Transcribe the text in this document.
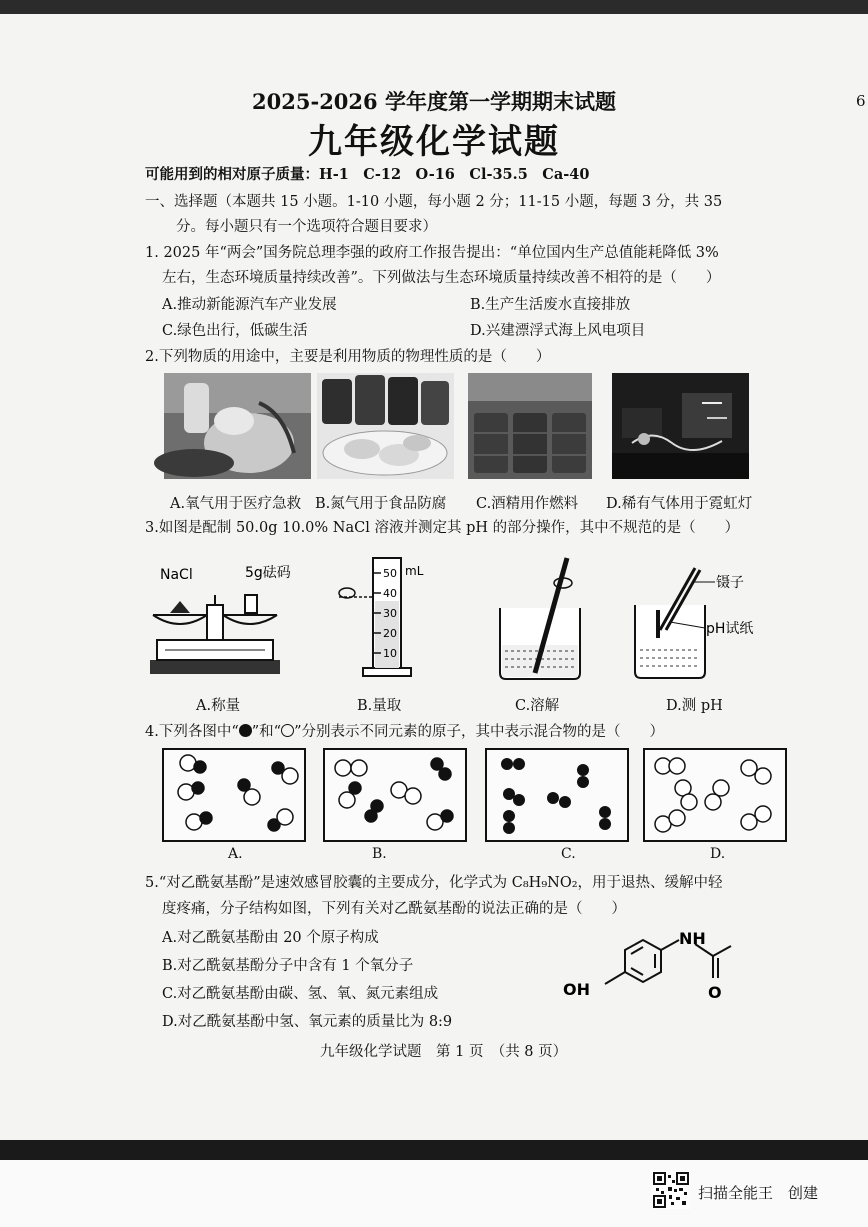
2025-2026 学年度第一学期期末试题
九年级化学试题
6
可能用到的相对原子质量：H-1　C-12　O-16　Cl-35.5　Ca-40
一、选择题（本题共 15 小题。1-10 小题，每小题 2 分；11-15 小题，每题 3 分，共 35
分。每小题只有一个选项符合题目要求）
1. 2025 年“两会”国务院总理李强的政府工作报告提出：“单位国内生产总值能耗降低 3%
左右，生态环境质量持续改善”。下列做法与生态环境质量持续改善不相符的是（　　）
A.推动新能源汽车产业发展	B.生产生活废水直接排放
C.绿色出行，低碳生活	D.兴建漂浮式海上风电项目
2.下列物质的用途中，主要是利用物质的物理性质的是（　　）
A.氧气用于医疗急救 B.氮气用于食品防腐 C.酒精用作燃料 D.稀有气体用于霓虹灯
3.如图是配制 50.0g 10.0% NaCl 溶液并测定其 pH 的部分操作，其中不规范的是（　　）
NaCl	5g砝码	mL
50
40
30
20
10
镊子
pH试纸
A.称量	B.量取	C.溶解	D.测 pH
4.下列各图中“ ”和“ ”分别表示不同元素的原子，其中表示混合物的是（　　）
A.	B.	C.	D.
5.“对乙酰氨基酚”是速效感冒胶囊的主要成分，化学式为 C₈H₉NO₂，用于退热、缓解中轻
度疼痛，分子结构如图，下列有关对乙酰氨基酚的说法正确的是（　　）
A.对乙酰氨基酚由 20 个原子构成
B.对乙酰氨基酚分子中含有 1 个氧分子
C.对乙酰氨基酚由碳、氢、氧、氮元素组成
D.对乙酰氨基酚中氢、氧元素的质量比为 8:9
OH
NH
O
九年级化学试题　第 1 页　（共 8 页）
扫描全能王　创建
